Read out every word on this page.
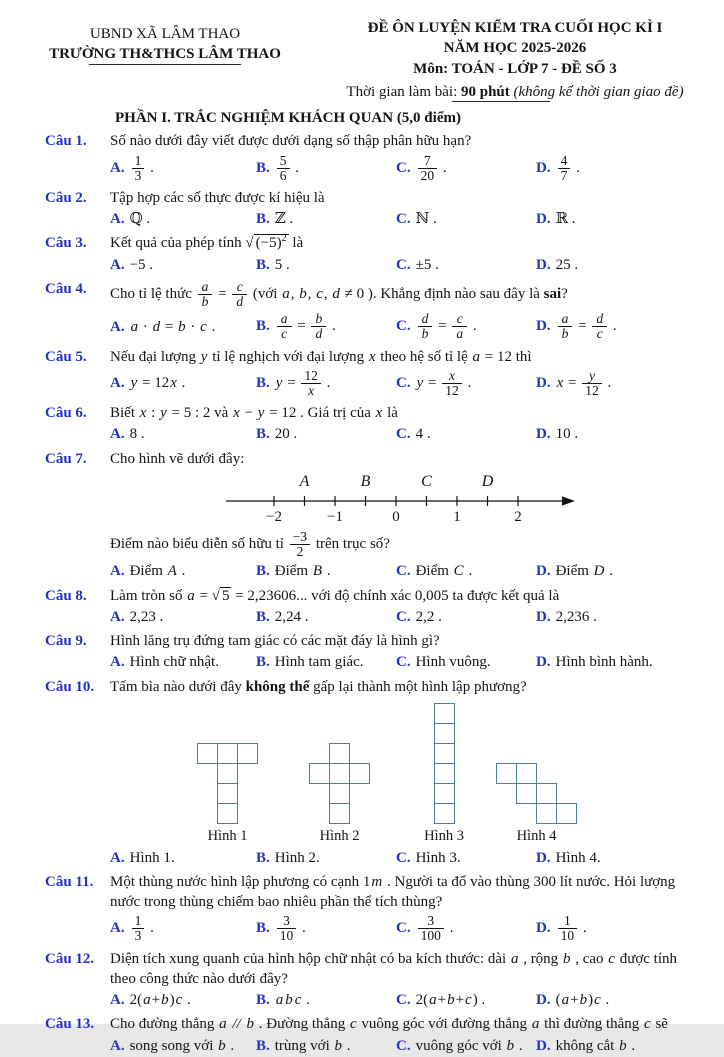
UBND XÃ LÂM THAO
TRƯỜNG TH&THCS LÂM THAO
ĐỀ ÔN LUYỆN KIỂM TRA CUỐI HỌC KÌ I
NĂM HỌC 2025-2026
Môn: TOÁN - LỚP 7 - ĐỀ SỐ 3
Thời gian làm bài: 90 phút (không kể thời gian giao đề)
PHẦN I. TRẮC NGHIỆM KHÁCH QUAN (5,0 điểm)
Câu 1.	Số nào dưới đây viết được dưới dạng số thập phân hữu hạn?
A. $\frac{1}{3}$ .	B. $\frac{5}{6}$ .	C. $\frac{7}{20}$ .	D. $\frac{4}{7}$ .
Câu 2.	Tập hợp các số thực được kí hiệu là
A. ℚ .	B. ℤ .	C. ℕ .	D. ℝ .
Câu 3.	Kết quả của phép tính √ $(-5)^2$ là
A. −5 .	B. 5 .	C. ±5 .	D. 25 .
Câu 4.	Cho tỉ lệ thức $\frac{a}{b} = \frac{c}{d}$ (với a, b, c, d ≠ 0 ). Khẳng định nào sau đây là sai?
A. a · d = b · c .	B. $\frac{a}{c} = \frac{b}{d}$ .	C. $\frac{d}{b} = \frac{c}{a}$ .	D. $\frac{a}{b} = \frac{d}{c}$ .
Câu 5.	Nếu đại lượng y tỉ lệ nghịch với đại lượng x theo hệ số tỉ lệ a = 12 thì
A. y = 12x .	B. $y = \frac{12}{x}$ .	C. $y = \frac{x}{12}$ .	D. $x = \frac{y}{12}$ .
Câu 6.	Biết x : y = 5 : 2 và x − y = 12 . Giá trị của x là
A. 8 .	B. 20 .	C. 4 .	D. 10 .
Câu 7.	Cho hình vẽ dưới đây:
−2	−1	0	1	2
A	B	C	D
Điểm nào biểu diễn số hữu tỉ $\frac{-3}{2}$ trên trục số?
A. Điểm A .	B. Điểm B .	C. Điểm C .	D. Điểm D .
Câu 8.	Làm tròn số a = √ 5 = 2,23606... với độ chính xác 0,005 ta được kết quả là
A. 2,23 .	B. 2,24 .	C. 2,2 .	D. 2,236 .
Câu 9.	Hình lăng trụ đứng tam giác có các mặt đáy là hình gì?
A. Hình chữ nhật.	B. Hình tam giác.	C. Hình vuông.	D. Hình bình hành.
Câu 10.	Tấm bìa nào dưới đây không thể gấp lại thành một hình lập phương?
Hình 1	Hình 2	Hình 3	Hình 4
A. Hình 1.	B. Hình 2.	C. Hình 3.	D. Hình 4.
Câu 11.	Một thùng nước hình lập phương có cạnh 1m . Người ta đổ vào thùng 300 lít nước. Hỏi lượng nước trong thùng chiếm bao nhiêu phần thể tích thùng?
A. $\frac{1}{3}$ .	B. $\frac{3}{10}$ .	C. $\frac{3}{100}$ .	D. $\frac{1}{10}$ .
Câu 12.	Diện tích xung quanh của hình hộp chữ nhật có ba kích thước: dài a , rộng b , cao c được tính theo công thức nào dưới đây?
A. 2(a+b)c .	B. a b c .	C. 2(a+b+c) .	D. (a+b)c .
Câu 13.	Cho đường thẳng a // b . Đường thẳng c vuông góc với đường thẳng a thì đường thẳng c sẽ
A. song song với b .	B. trùng với b .	C. vuông góc với b . D. không cắt b .
